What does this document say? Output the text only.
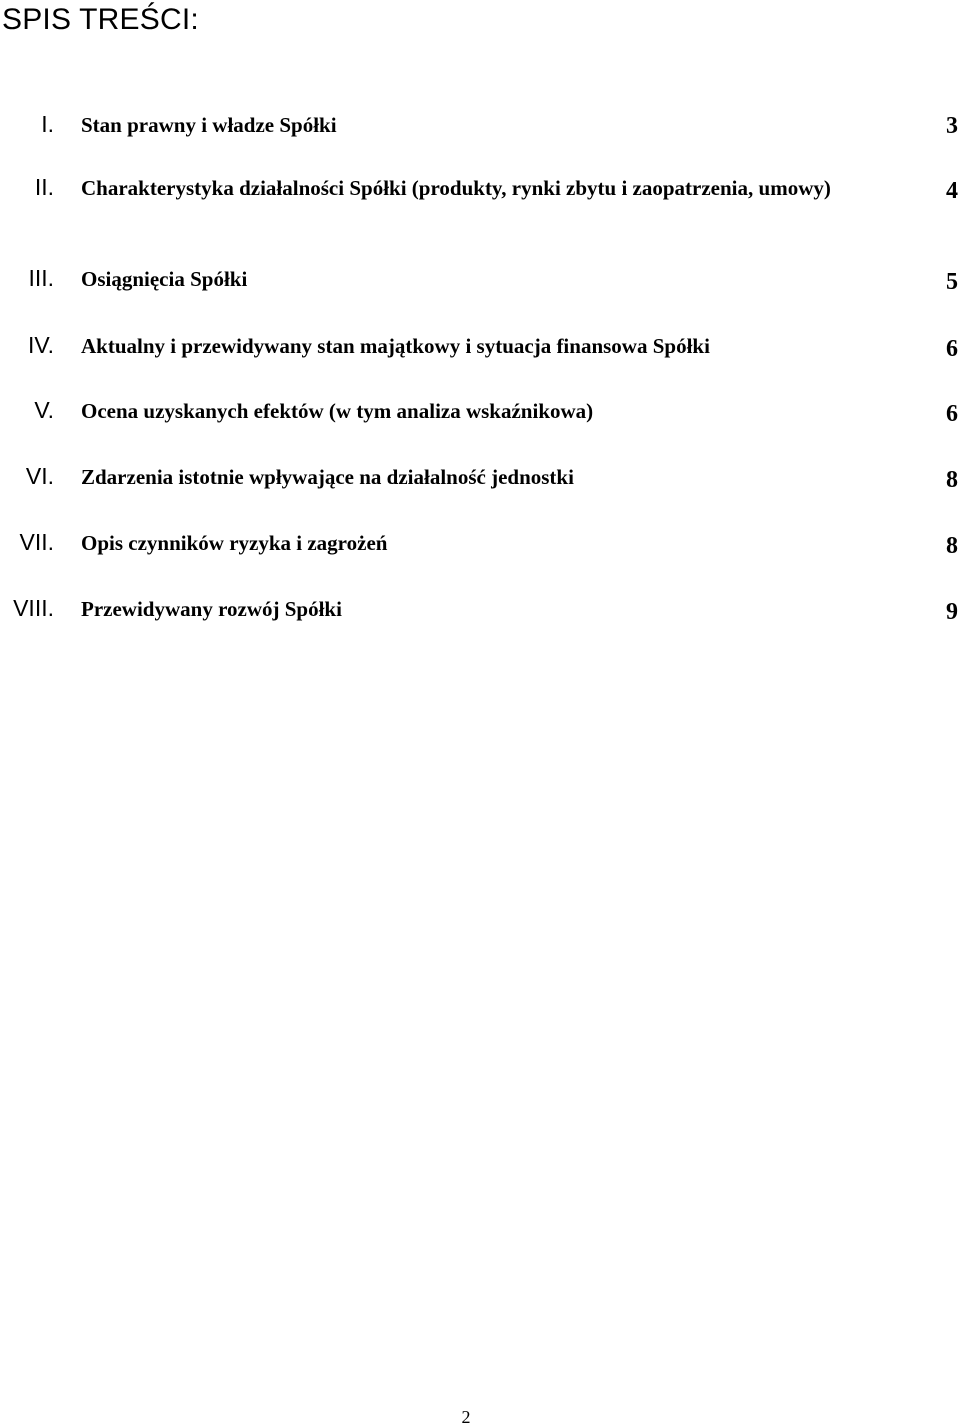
SPIS TREŚCI:
I. Stan prawny i władze Spółki	3
II. Charakterystyka działalności Spółki (produkty, rynki zbytu i zaopatrzenia, umowy)	4
III. Osiągnięcia Spółki	5
IV. Aktualny i przewidywany stan majątkowy i sytuacja finansowa Spółki	6
V. Ocena uzyskanych efektów (w tym analiza wskaźnikowa)	6
VI. Zdarzenia istotnie wpływające na działalność jednostki	8
VII. Opis czynników ryzyka i zagrożeń	8
VIII. Przewidywany rozwój Spółki	9
2
